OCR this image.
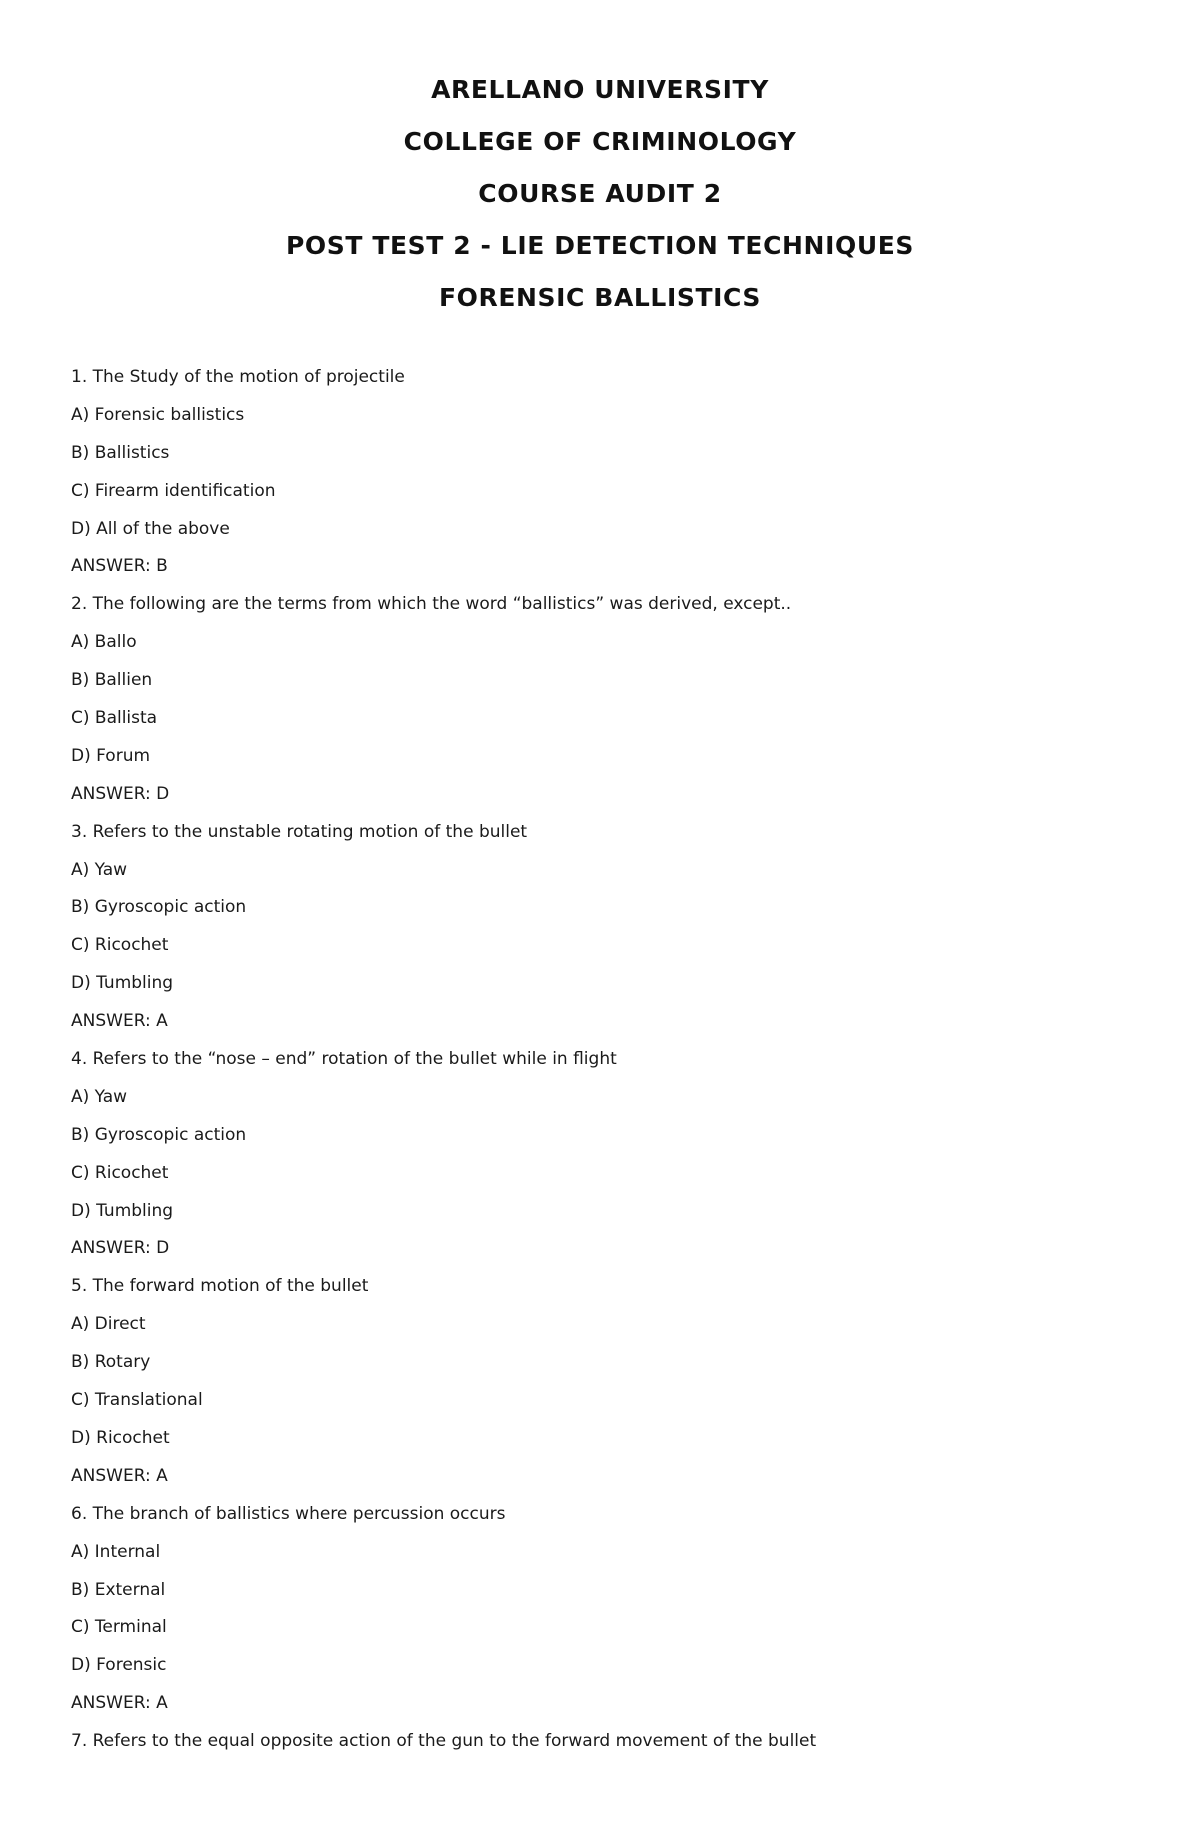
ARELLANO UNIVERSITY
COLLEGE OF CRIMINOLOGY
COURSE AUDIT 2
POST TEST 2 - LIE DETECTION TECHNIQUES
FORENSIC BALLISTICS
1. The Study of the motion of projectile
A) Forensic ballistics
B) Ballistics
C) Firearm identification
D) All of the above
ANSWER: B
2. The following are the terms from which the word “ballistics” was derived, except..
A) Ballo
B) Ballien
C) Ballista
D) Forum
ANSWER: D
3. Refers to the unstable rotating motion of the bullet
A) Yaw
B) Gyroscopic action
C) Ricochet
D) Tumbling
ANSWER: A
4. Refers to the “nose – end” rotation of the bullet while in flight
A) Yaw
B) Gyroscopic action
C) Ricochet
D) Tumbling
ANSWER: D
5. The forward motion of the bullet
A) Direct
B) Rotary
C) Translational
D) Ricochet
ANSWER: A
6. The branch of ballistics where percussion occurs
A) Internal
B) External
C) Terminal
D) Forensic
ANSWER: A
7. Refers to the equal opposite action of the gun to the forward movement of the bullet
